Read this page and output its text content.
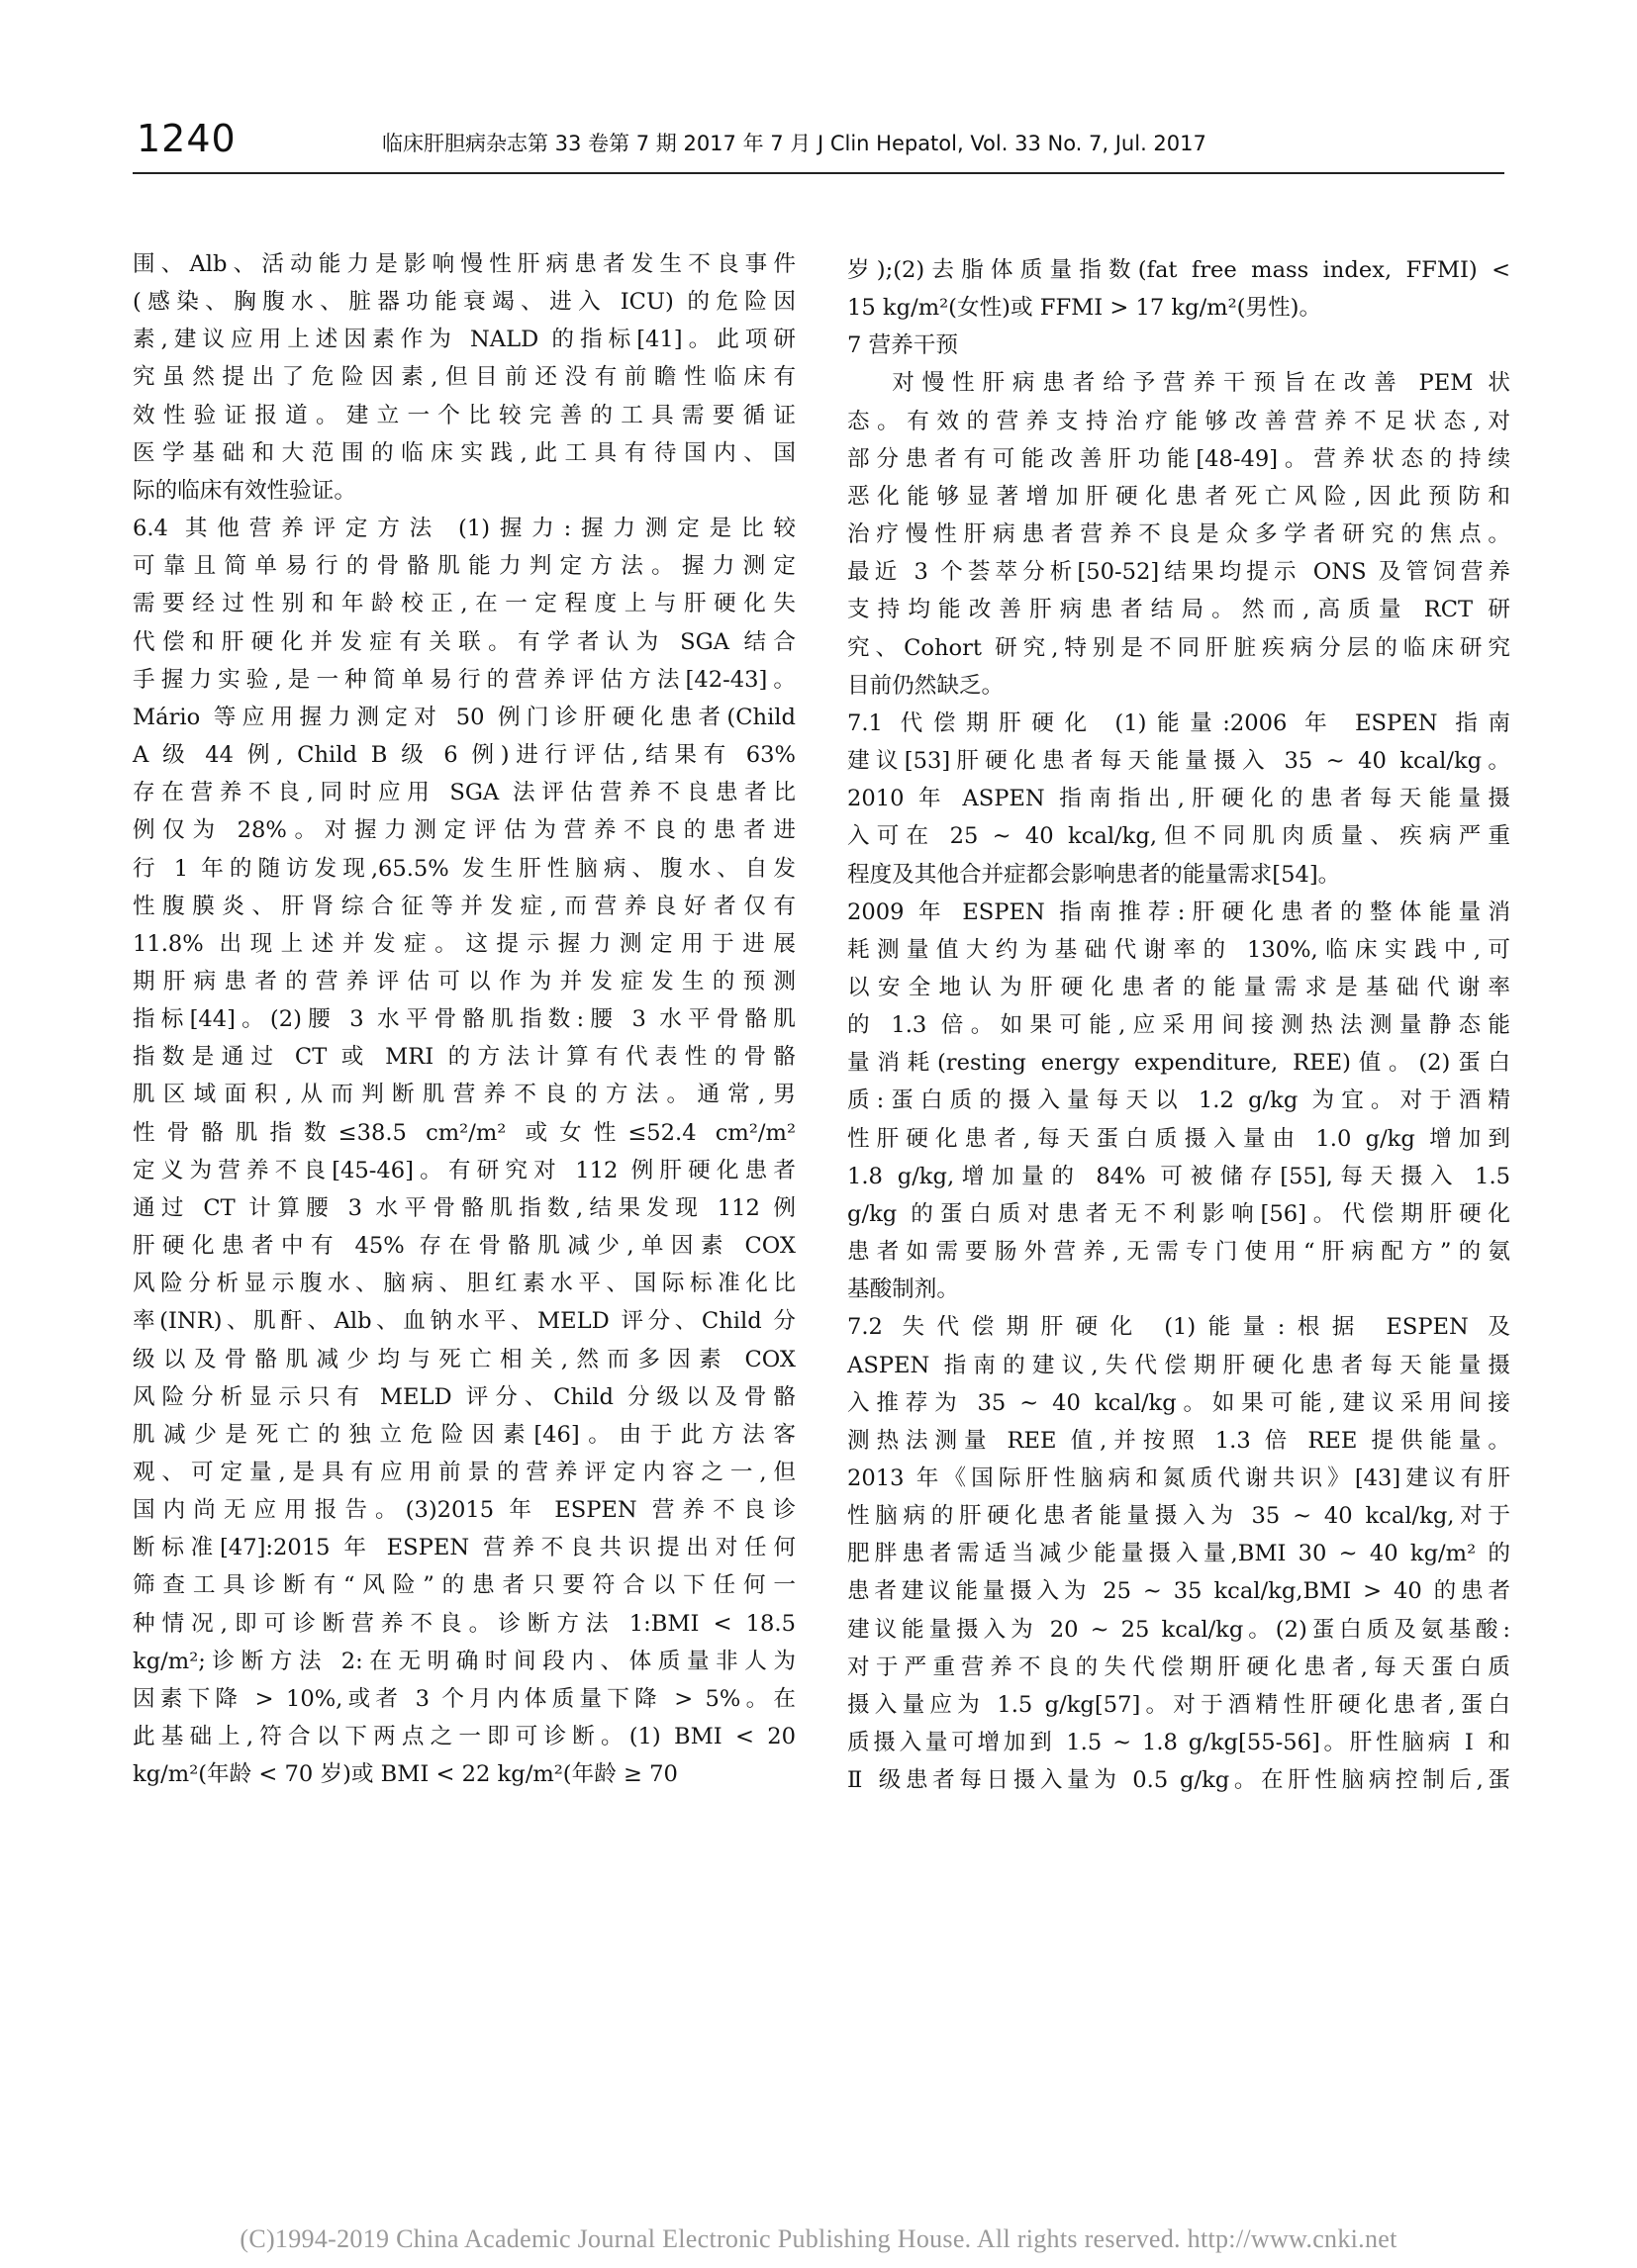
1240	临床肝胆病杂志第 33 卷第 7 期 2017 年 7 月 J Clin Hepatol, Vol. 33 No. 7, Jul. 2017

围、Alb、活动能力是影响慢性肝病患者发生不良事件

(感染、胸腹水、脏器功能衰竭、进入 ICU) 的危险因

素,建议应用上述因素作为 NALD 的指标[41]。此项研

究虽然提出了危险因素,但目前还没有前瞻性临床有

效性验证报道。建立一个比较完善的工具需要循证

医学基础和大范围的临床实践,此工具有待国内、国

际的临床有效性验证。

6.4 其他营养评定方法 (1)握力:握力测定是比较

可靠且简单易行的骨骼肌能力判定方法。握力测定

需要经过性别和年龄校正,在一定程度上与肝硬化失

代偿和肝硬化并发症有关联。有学者认为 SGA 结合

手握力实验,是一种简单易行的营养评估方法[42-43]。

Mário 等应用握力测定对 50 例门诊肝硬化患者(Child

A 级 44 例, Child B 级 6 例)进行评估,结果有 63%

存在营养不良,同时应用 SGA 法评估营养不良患者比

例仅为 28%。对握力测定评估为营养不良的患者进

行 1 年的随访发现,65.5% 发生肝性脑病、腹水、自发

性腹膜炎、肝肾综合征等并发症,而营养良好者仅有

11.8% 出现上述并发症。这提示握力测定用于进展

期肝病患者的营养评估可以作为并发症发生的预测

指标[44]。(2)腰 3 水平骨骼肌指数:腰 3 水平骨骼肌

指数是通过 CT 或 MRI 的方法计算有代表性的骨骼

肌区域面积,从而判断肌营养不良的方法。通常,男

性骨骼肌指数≤38.5 cm²/m² 或女性≤52.4 cm²/m²

定义为营养不良[45-46]。有研究对 112 例肝硬化患者

通过 CT 计算腰 3 水平骨骼肌指数,结果发现 112 例

肝硬化患者中有 45% 存在骨骼肌减少,单因素 COX

风险分析显示腹水、脑病、胆红素水平、国际标准化比

率(INR)、肌酐、Alb、血钠水平、MELD 评分、Child 分

级以及骨骼肌减少均与死亡相关,然而多因素 COX

风险分析显示只有 MELD 评分、Child 分级以及骨骼

肌减少是死亡的独立危险因素[46]。由于此方法客

观、可定量,是具有应用前景的营养评定内容之一,但

国内尚无应用报告。(3)2015 年 ESPEN 营养不良诊

断标准[47]:2015 年 ESPEN 营养不良共识提出对任何

筛查工具诊断有“风险”的患者只要符合以下任何一

种情况,即可诊断营养不良。诊断方法 1:BMI < 18.5

kg/m²;诊断方法 2:在无明确时间段内、体质量非人为

因素下降 > 10%,或者 3 个月内体质量下降 > 5%。在

此基础上,符合以下两点之一即可诊断。(1) BMI < 20

kg/m²(年龄 < 70 岁)或 BMI < 22 kg/m²(年龄 ≥ 70

岁);(2)去脂体质量指数(fat free mass index, FFMI) <

15 kg/m²(女性)或 FFMI > 17 kg/m²(男性)。

7 营养干预

对慢性肝病患者给予营养干预旨在改善 PEM 状

态。有效的营养支持治疗能够改善营养不足状态,对

部分患者有可能改善肝功能[48-49]。营养状态的持续

恶化能够显著增加肝硬化患者死亡风险,因此预防和

治疗慢性肝病患者营养不良是众多学者研究的焦点。

最近 3 个荟萃分析[50-52]结果均提示 ONS 及管饲营养

支持均能改善肝病患者结局。然而,高质量 RCT 研

究、Cohort 研究,特别是不同肝脏疾病分层的临床研究

目前仍然缺乏。

7.1 代偿期肝硬化 (1)能量:2006 年 ESPEN 指南

建议[53]肝硬化患者每天能量摄入 35 ~ 40 kcal/kg。

2010 年 ASPEN 指南指出,肝硬化的患者每天能量摄

入可在 25 ~ 40 kcal/kg,但不同肌肉质量、疾病严重

程度及其他合并症都会影响患者的能量需求[54]。

2009 年 ESPEN 指南推荐:肝硬化患者的整体能量消

耗测量值大约为基础代谢率的 130%,临床实践中,可

以安全地认为肝硬化患者的能量需求是基础代谢率

的 1.3 倍。如果可能,应采用间接测热法测量静态能

量消耗(resting energy expenditure, REE)值。(2)蛋白

质:蛋白质的摄入量每天以 1.2 g/kg 为宜。对于酒精

性肝硬化患者,每天蛋白质摄入量由 1.0 g/kg 增加到

1.8 g/kg,增加量的 84% 可被储存[55],每天摄入 1.5

g/kg 的蛋白质对患者无不利影响[56]。代偿期肝硬化

患者如需要肠外营养,无需专门使用“肝病配方”的氨

基酸制剂。

7.2 失代偿期肝硬化 (1)能量:根据 ESPEN 及

ASPEN 指南的建议,失代偿期肝硬化患者每天能量摄

入推荐为 35 ~ 40 kcal/kg。如果可能,建议采用间接

测热法测量 REE 值,并按照 1.3 倍 REE 提供能量。

2013 年《国际肝性脑病和氮质代谢共识》[43]建议有肝

性脑病的肝硬化患者能量摄入为 35 ~ 40 kcal/kg,对于

肥胖患者需适当减少能量摄入量,BMI 30 ~ 40 kg/m² 的

患者建议能量摄入为 25 ~ 35 kcal/kg,BMI > 40 的患者

建议能量摄入为 20 ~ 25 kcal/kg。(2)蛋白质及氨基酸:

对于严重营养不良的失代偿期肝硬化患者,每天蛋白质

摄入量应为 1.5 g/kg[57]。对于酒精性肝硬化患者,蛋白

质摄入量可增加到 1.5 ~ 1.8 g/kg[55-56]。肝性脑病 Ⅰ 和

Ⅱ 级患者每日摄入量为 0.5 g/kg。在肝性脑病控制后,蛋

(C)1994-2019 China Academic Journal Electronic Publishing House. All rights reserved. http://www.cnki.net
